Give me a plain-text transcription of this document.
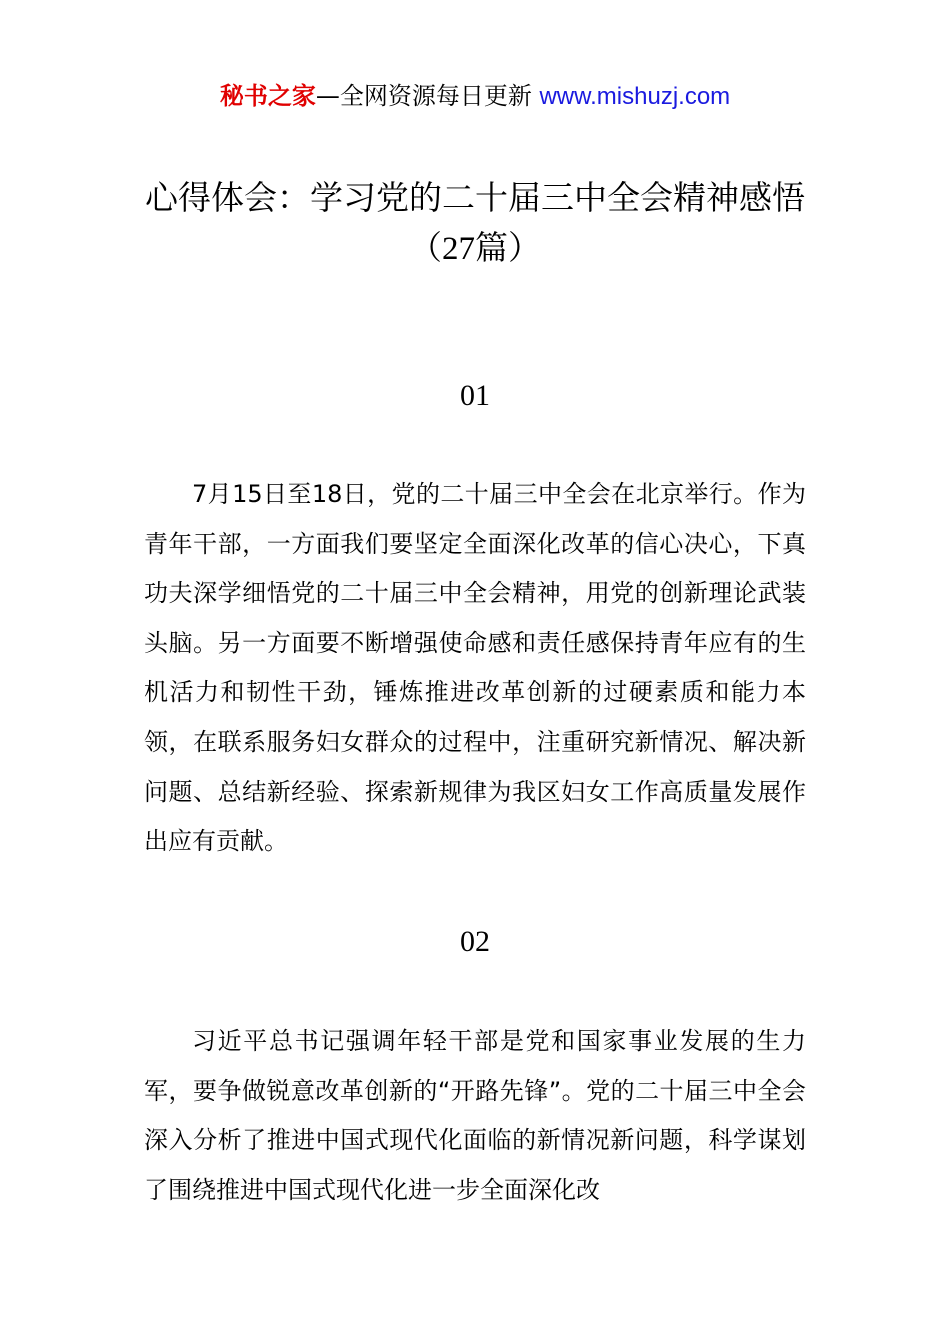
秘书之家—全网资源每日更新 www.mishuzj.com
心得体会：学习党的二十届三中全会精神感悟
（27篇）
01

7月15日至18日，党的二十届三中全会在北京举行。作为青年干部，一方面我们要坚定全面深化改革的信心决心，下真功夫深学细悟党的二十届三中全会精神，用党的创新理论武装头脑。另一方面要不断增强使命感和责任感保持青年应有的生机活力和韧性干劲，锤炼推进改革创新的过硬素质和能力本领，在联系服务妇女群众的过程中，注重研究新情况、解决新问题、总结新经验、探索新规律为我区妇女工作高质量发展作出应有贡献。

02

习近平总书记强调年轻干部是党和国家事业发展的生力军，要争做锐意改革创新的“开路先锋”。党的二十届三中全会深入分析了推进中国式现代化面临的新情况新问题，科学谋划了围绕推进中国式现代化进一步全面深化改
